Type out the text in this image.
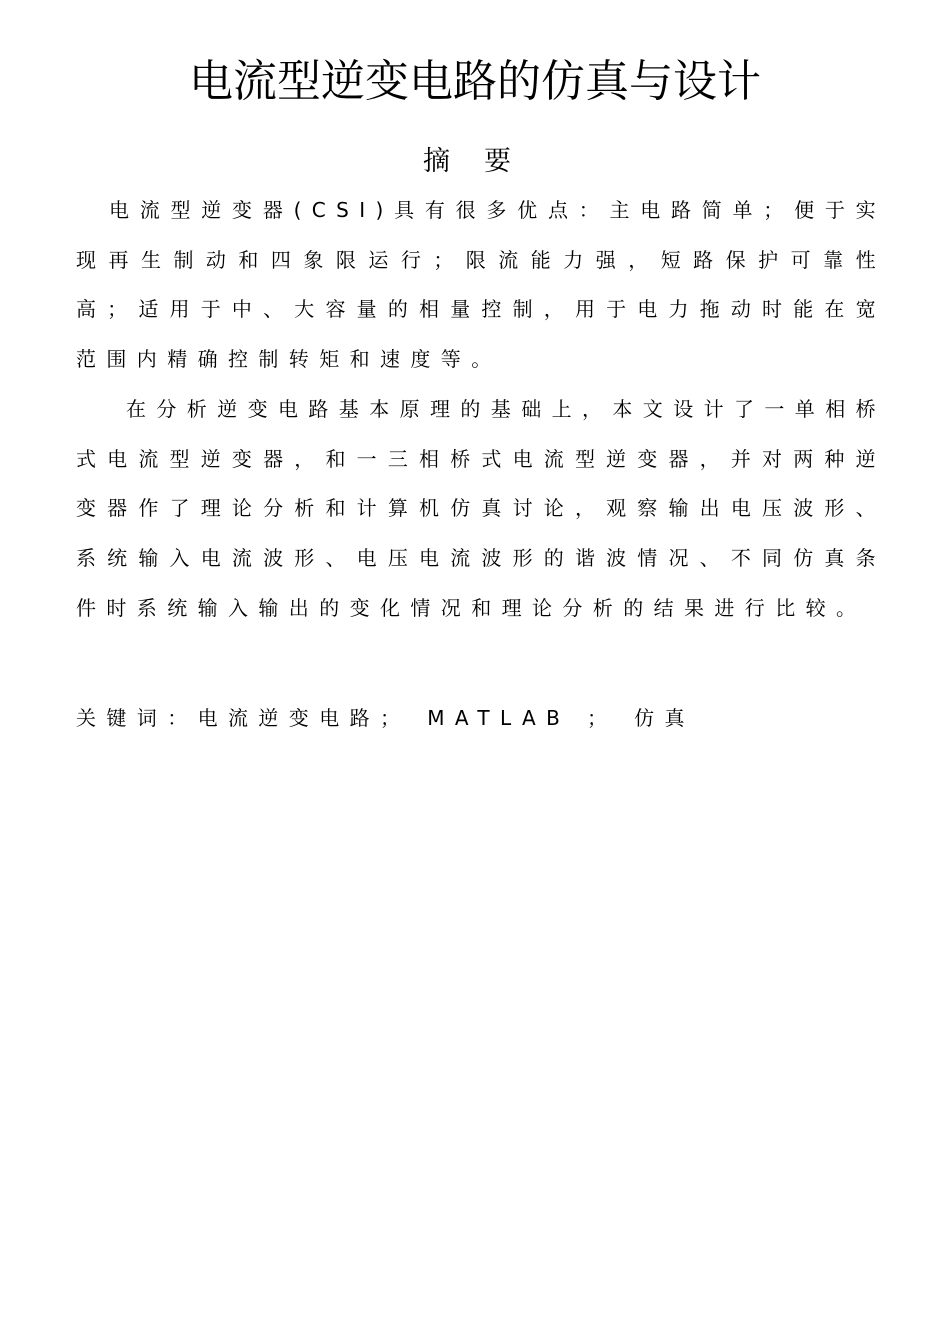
电流型逆变电路的仿真与设计
摘要

电流型逆变器(CSI)具有很多优点：主电路简单；便于实现再生制动和四象限运行；限流能力强，短路保护可靠性高；适用于中、大容量的相量控制，用于电力拖动时能在宽范围内精确控制转矩和速度等。

在分析逆变电路基本原理的基础上，本文设计了一单相桥式电流型逆变器，和一三相桥式电流型逆变器，并对两种逆变器作了理论分析和计算机仿真讨论，观察输出电压波形、系统输入电流波形、电压电流波形的谐波情况、不同仿真条件时系统输入输出的变化情况和理论分析的结果进行比较。

关键词：电流逆变电路； MATLAB ； 仿真
